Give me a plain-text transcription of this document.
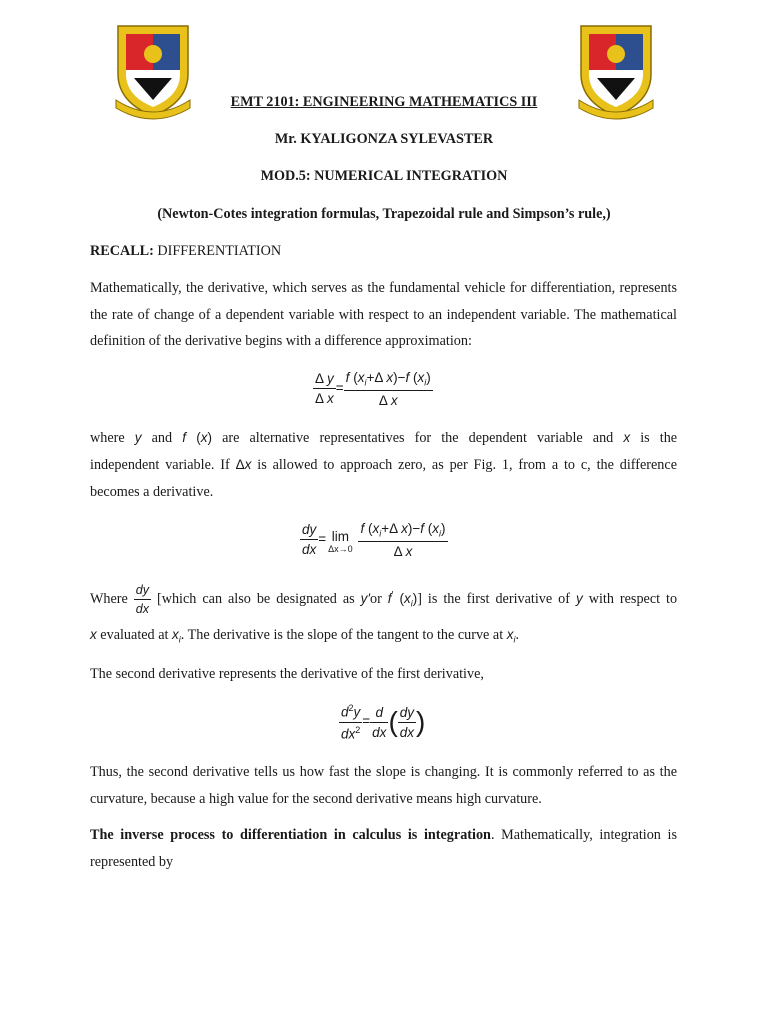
EMT 2101: ENGINEERING MATHEMATICS III
Mr. KYALIGONZA SYLEVASTER
MOD.5: NUMERICAL INTEGRATION
(Newton-Cotes integration formulas, Trapezoidal rule and Simpson’s rule,)
RECALL: DIFFERENTIATION
Mathematically, the derivative, which serves as the fundamental vehicle for differentiation, represents the rate of change of a dependent variable with respect to an independent variable. The mathematical definition of the derivative begins with a difference approximation:
$\frac{\text{Δ y}}{\text{Δ x}} = \frac{f (x_i+\Delta x)-f (x_i)}{\text{Δ x}}$
where y and f (x) are alternative representatives for the dependent variable and x is the
independent variable. If Δx is allowed to approach zero, as per Fig. 1, from a to c, the difference
becomes a derivative.
$\frac{dy}{dx} = \lim$
Δx→0
$\frac{f (x_i+\Delta x)-f (x_i)}{\text{Δ x}}$
Where $\frac{dy}{dx}$ [which can also be designated as y'or f' $(x_i)$] is the first derivative of y with respect to
x evaluated at $x_i$. The derivative is the slope of the tangent to the curve at $x_i$.
The second derivative represents the derivative of the first derivative,
$\frac{d^2y}{dx^2} = \frac{d}{dx}$ ( $\frac{dy}{dx}$ )
Thus, the second derivative tells us how fast the slope is changing. It is commonly referred to as the curvature, because a high value for the second derivative means high curvature.
The inverse process to differentiation in calculus is integration. Mathematically, integration is represented by
